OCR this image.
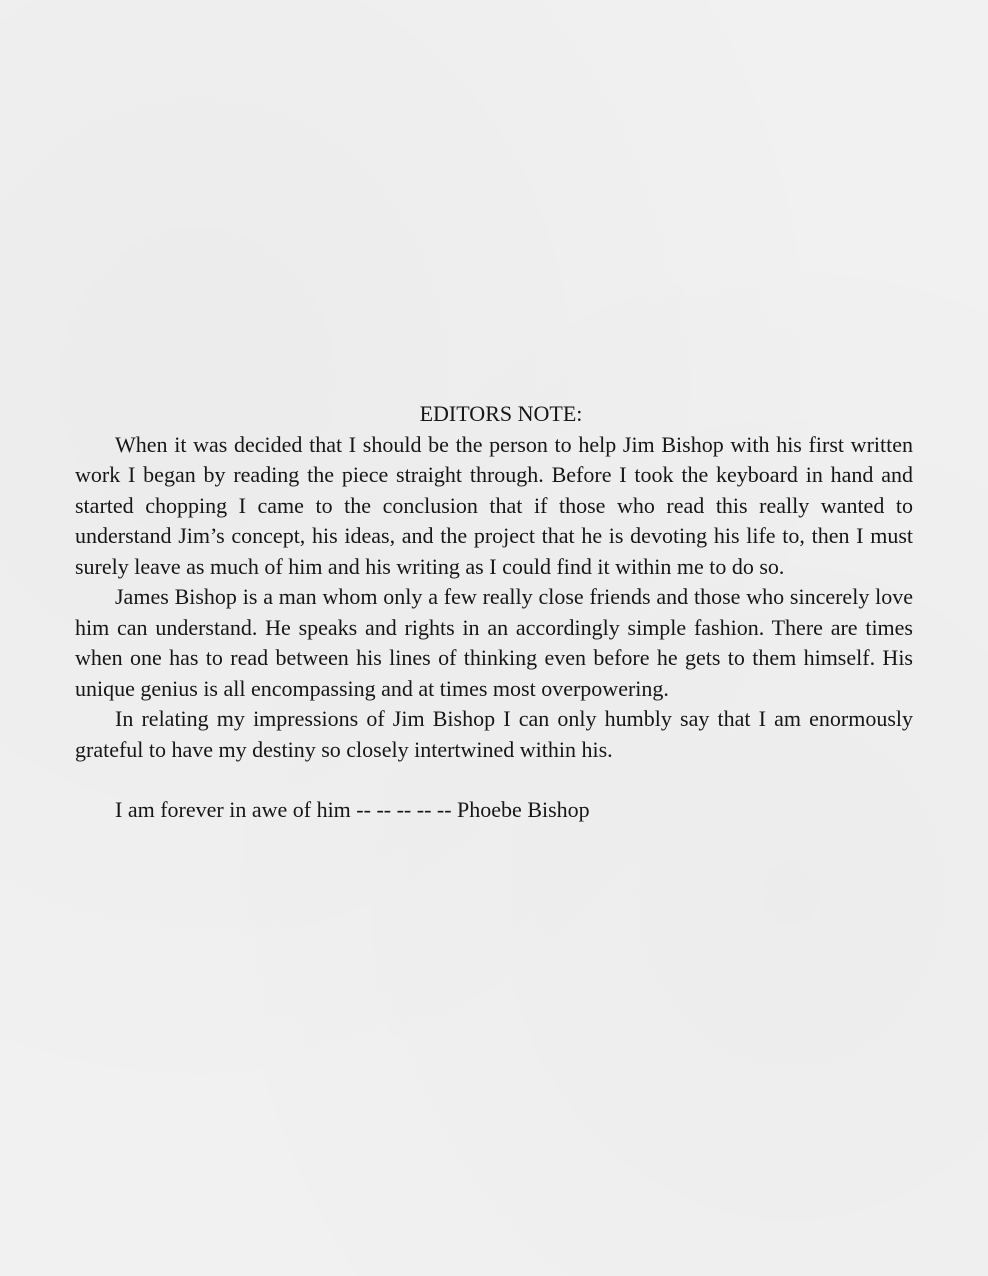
EDITORS NOTE:

When it was decided that I should be the person to help Jim Bishop with his first written work I began by reading the piece straight through. Before I took the keyboard in hand and started chopping I came to the conclusion that if those who read this really wanted to understand Jim’s concept, his ideas, and the project that he is devoting his life to, then I must surely leave as much of him and his writing as I could find it within me to do so.

James Bishop is a man whom only a few really close friends and those who sincerely love him can understand. He speaks and rights in an accordingly simple fashion. There are times when one has to read between his lines of thinking even before he gets to them himself. His unique genius is all encompassing and at times most overpowering.

In relating my impressions of Jim Bishop I can only humbly say that I am enormously grateful to have my destiny so closely intertwined within his.

I am forever in awe of him -- -- -- -- -- Phoebe Bishop
